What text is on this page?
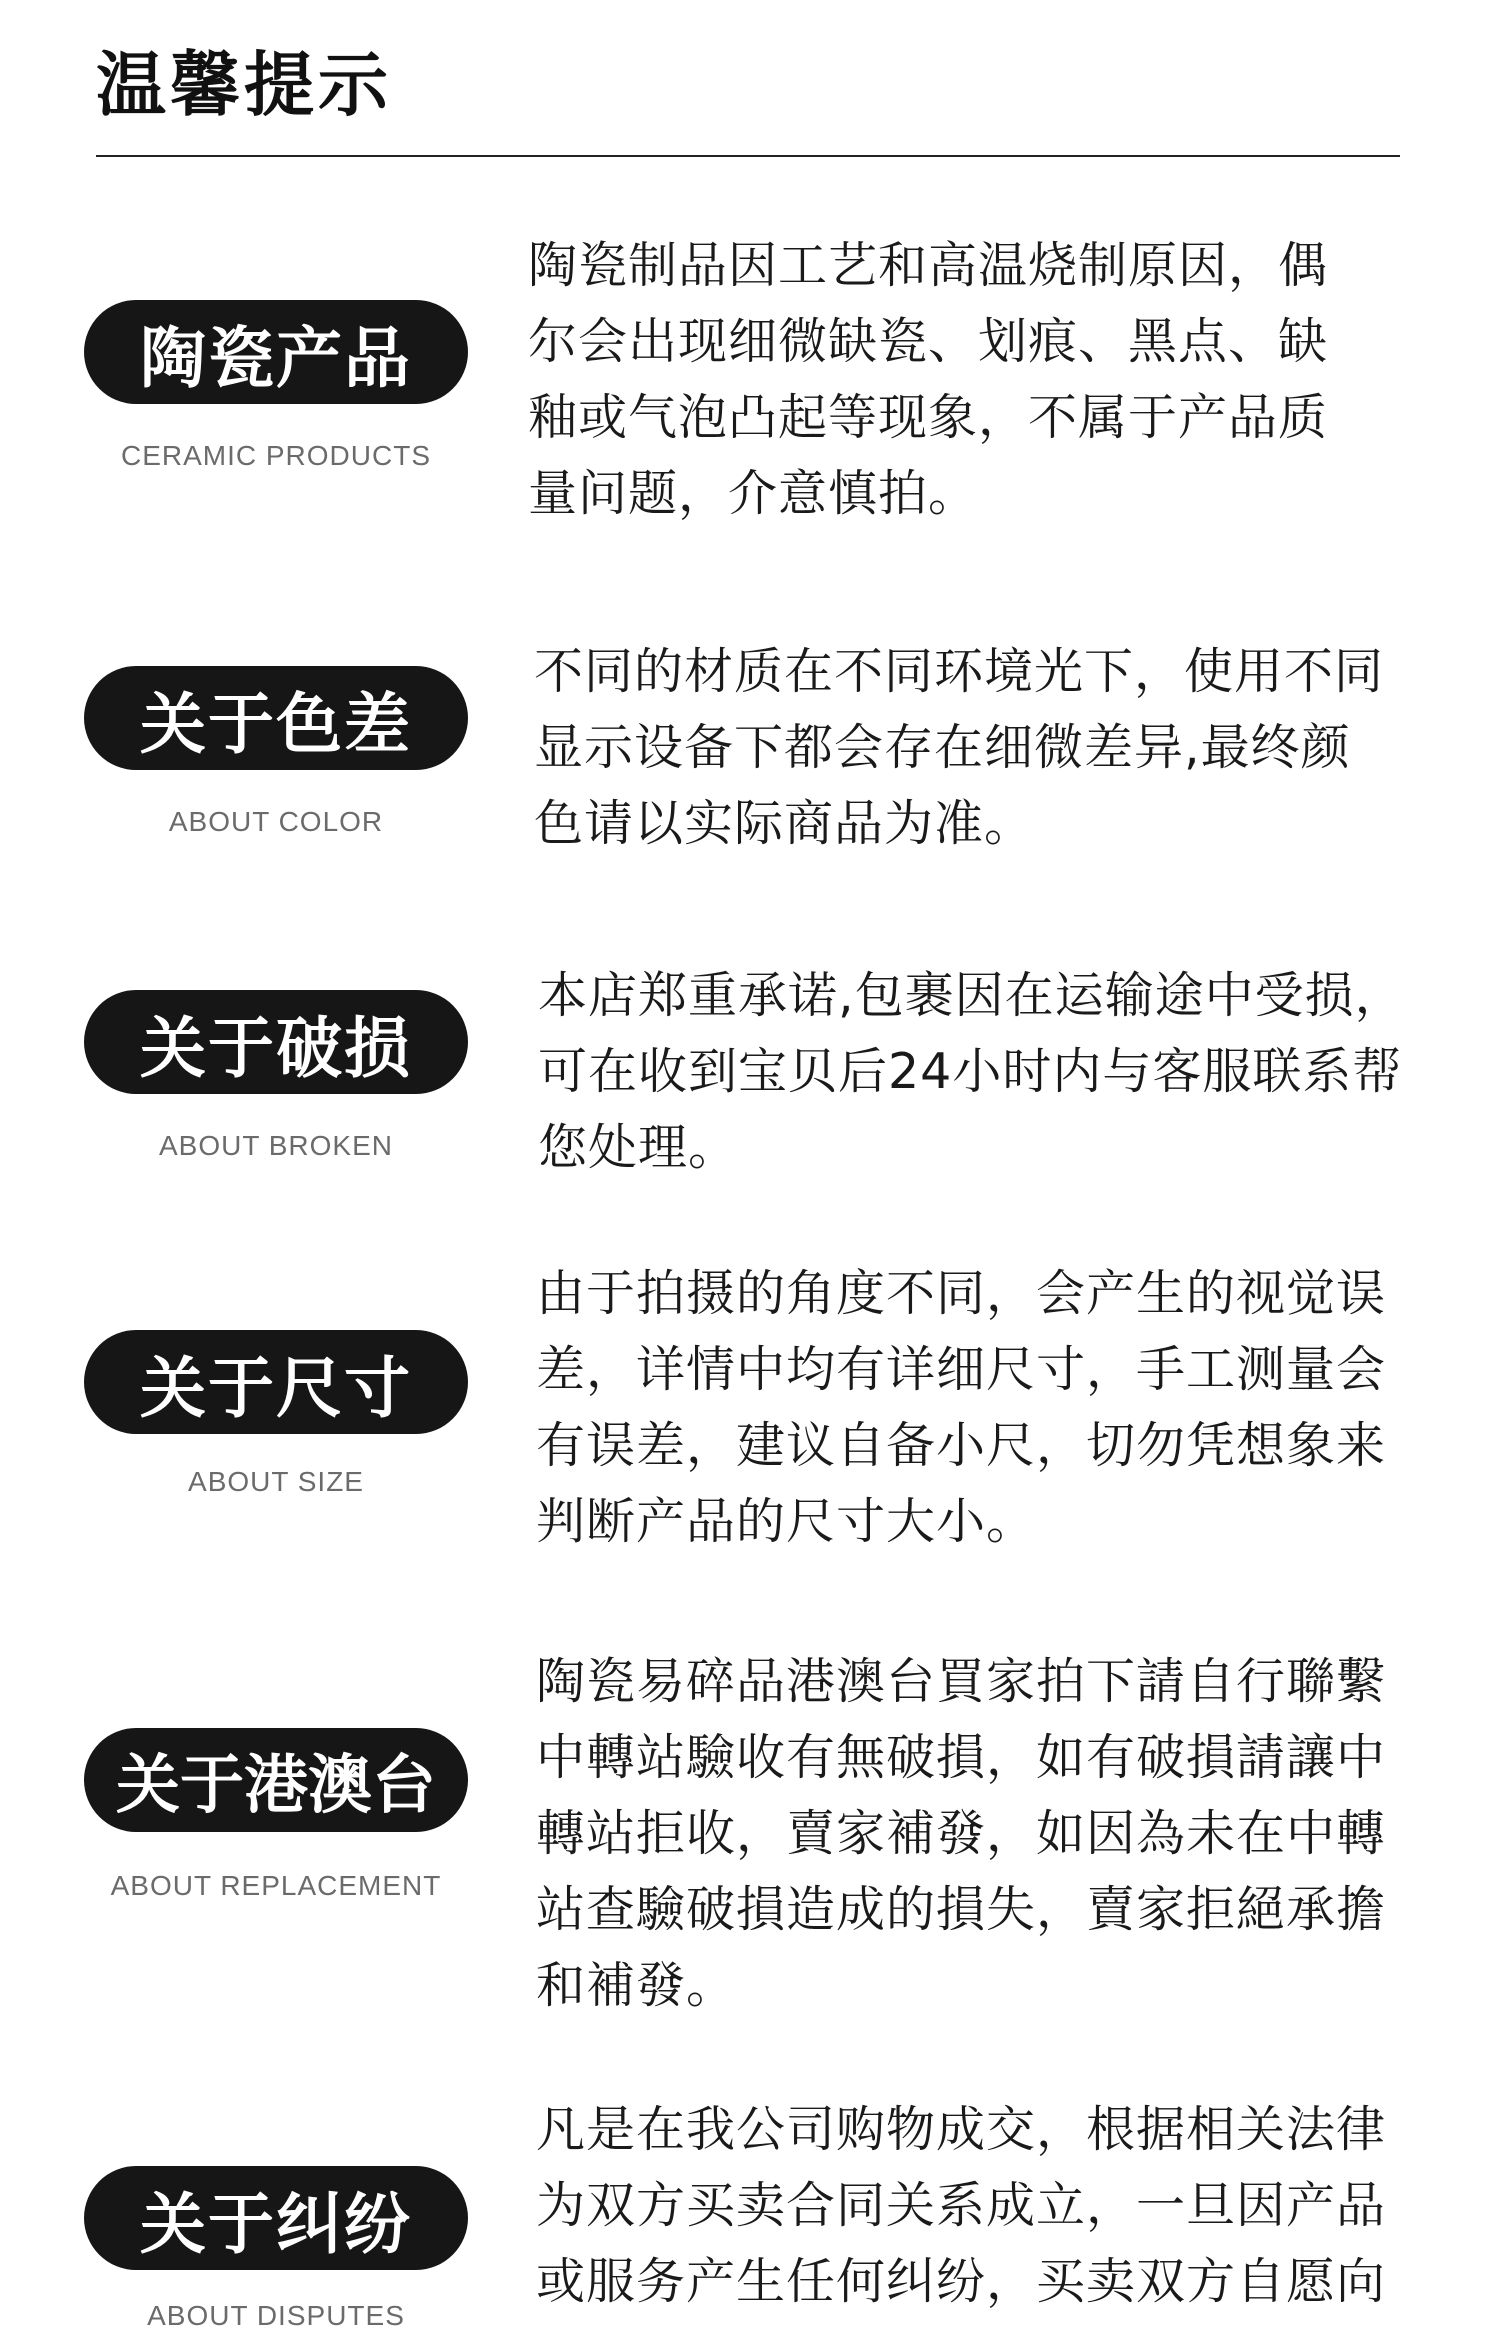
温馨提示
陶瓷产品
CERAMIC PRODUCTS
陶瓷制品因工艺和高温烧制原因，偶尔会出现细微缺瓷、划痕、黑点、缺釉或气泡凸起等现象，不属于产品质量问题，介意慎拍。
关于色差
ABOUT COLOR
不同的材质在不同环境光下，使用不同显示设备下都会存在细微差异,最终颜色请以实际商品为准。
关于破损
ABOUT BROKEN
本店郑重承诺,包裹因在运输途中受损，可在收到宝贝后24小时内与客服联系帮您处理。
关于尺寸
ABOUT SIZE
由于拍摄的角度不同，会产生的视觉误差，详情中均有详细尺寸，手工测量会有误差，建议自备小尺，切勿凭想象来判断产品的尺寸大小。
关于港澳台
ABOUT REPLACEMENT
陶瓷易碎品港澳台買家拍下請自行聯繫中轉站驗收有無破損，如有破損請讓中轉站拒收，賣家補發，如因為未在中轉站查驗破損造成的損失，賣家拒絕承擔和補發。
关于纠纷
ABOUT DISPUTES
凡是在我公司购物成交，根据相关法律为双方买卖合同关系成立，一旦因产品或服务产生任何纠纷，买卖双方自愿向
